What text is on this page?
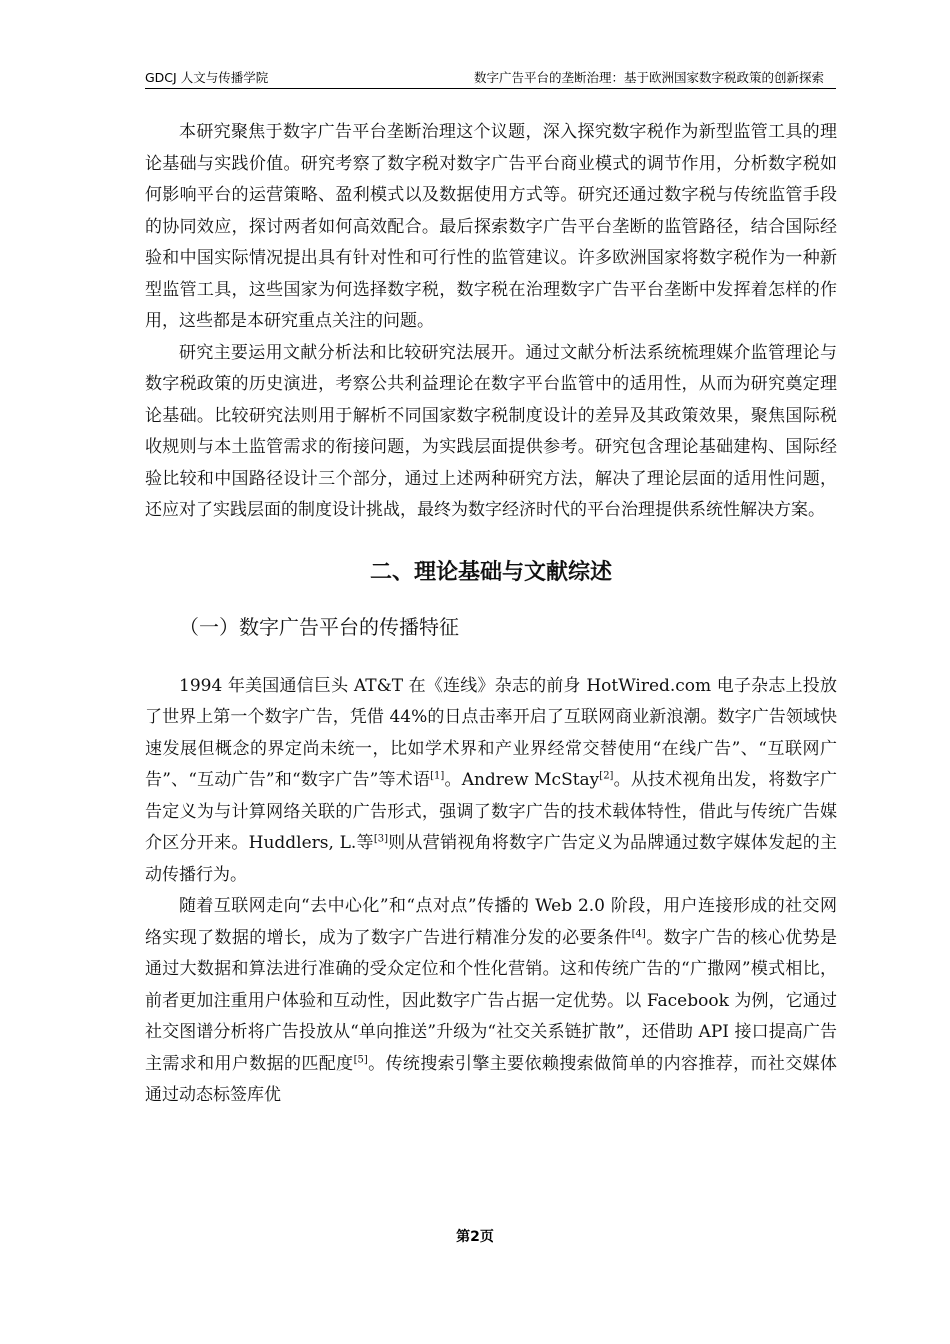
GDCJ 人文与传播学院	数字广告平台的垄断治理：基于欧洲国家数字税政策的创新探索

本研究聚焦于数字广告平台垄断治理这个议题，深入探究数字税作为新型监管工具的理论基础与实践价值。研究考察了数字税对数字广告平台商业模式的调节作用，分析数字税如何影响平台的运营策略、盈利模式以及数据使用方式等。研究还通过数字税与传统监管手段的协同效应，探讨两者如何高效配合。最后探索数字广告平台垄断的监管路径，结合国际经验和中国实际情况提出具有针对性和可行性的监管建议。许多欧洲国家将数字税作为一种新型监管工具，这些国家为何选择数字税，数字税在治理数字广告平台垄断中发挥着怎样的作用，这些都是本研究重点关注的问题。

研究主要运用文献分析法和比较研究法展开。通过文献分析法系统梳理媒介监管理论与数字税政策的历史演进，考察公共利益理论在数字平台监管中的适用性，从而为研究奠定理论基础。比较研究法则用于解析不同国家数字税制度设计的差异及其政策效果，聚焦国际税收规则与本土监管需求的衔接问题，为实践层面提供参考。研究包含理论基础建构、国际经验比较和中国路径设计三个部分，通过上述两种研究方法，解决了理论层面的适用性问题，还应对了实践层面的制度设计挑战，最终为数字经济时代的平台治理提供系统性解决方案。

二、理论基础与文献综述
（一）数字广告平台的传播特征

1994 年美国通信巨头 AT&T 在《连线》杂志的前身 HotWired.com 电子杂志上投放了世界上第一个数字广告，凭借 44%的日点击率开启了互联网商业新浪潮。数字广告领域快速发展但概念的界定尚未统一，比如学术界和产业界经常交替使用“在线广告”、“互联网广告”、“互动广告”和“数字广告”等术语[1]。Andrew McStay[2]。从技术视角出发，将数字广告定义为与计算网络关联的广告形式，强调了数字广告的技术载体特性，借此与传统广告媒介区分开来。Huddlers, L.等[3]则从营销视角将数字广告定义为品牌通过数字媒体发起的主动传播行为。

随着互联网走向“去中心化”和“点对点”传播的 Web 2.0 阶段，用户连接形成的社交网络实现了数据的增长，成为了数字广告进行精准分发的必要条件[4]。数字广告的核心优势是通过大数据和算法进行准确的受众定位和个性化营销。这和传统广告的“广撒网”模式相比，前者更加注重用户体验和互动性，因此数字广告占据一定优势。以 Facebook 为例，它通过社交图谱分析将广告投放从“单向推送”升级为“社交关系链扩散”，还借助 API 接口提高广告主需求和用户数据的匹配度[5]。传统搜索引擎主要依赖搜索做简单的内容推荐，而社交媒体通过动态标签库优

第2页
